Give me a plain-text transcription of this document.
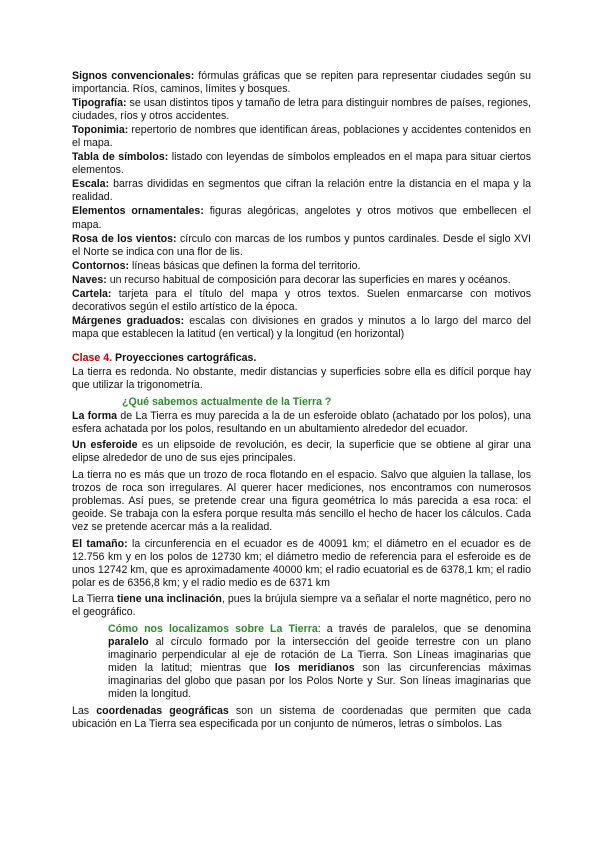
Signos convencionales: fórmulas gráficas que se repiten para representar ciudades según su importancia. Ríos, caminos, límites y bosques.

Tipografía: se usan distintos tipos y tamaño de letra para distinguir nombres de países, regiones, ciudades, ríos y otros accidentes.

Toponimia: repertorio de nombres que identifican áreas, poblaciones y accidentes contenidos en el mapa.

Tabla de símbolos: listado con leyendas de símbolos empleados en el mapa para situar ciertos elementos.

Escala: barras divididas en segmentos que cifran la relación entre la distancia en el mapa y la realidad.

Elementos ornamentales: figuras alegóricas, angelotes y otros motivos que embellecen el mapa.

Rosa de los vientos: círculo con marcas de los rumbos y puntos cardinales. Desde el siglo XVI el Norte se indica con una flor de lis.

Contornos: líneas básicas que definen la forma del territorio.

Naves: un recurso habitual de composición para decorar las superficies en mares y océanos.

Cartela: tarjeta para el título del mapa y otros textos. Suelen enmarcarse con motivos decorativos según el estilo artístico de la época.

Márgenes graduados: escalas con divisiones en grados y minutos a lo largo del marco del mapa que establecen la latitud (en vertical) y la longitud (en horizontal)

Clase 4. Proyecciones cartográficas.

La tierra es redonda. No obstante, medir distancias y superficies sobre ella es difícil porque hay que utilizar la trigonometría.

¿Qué sabemos actualmente de la Tierra ?

La forma de La Tierra es muy parecida a la de un esferoide oblato (achatado por los polos), una esfera achatada por los polos, resultando en un abultamiento alrededor del ecuador.

Un esferoide es un elipsoide de revolución, es decir, la superficie que se obtiene al girar una elipse alrededor de uno de sus ejes principales.

La tierra no es más que un trozo de roca flotando en el espacio. Salvo que alguien la tallase, los trozos de roca son irregulares. Al querer hacer mediciones, nos encontramos con numerosos problemas. Así pues, se pretende crear una figura geométrica lo más parecida a esa roca: el geoide. Se trabaja con la esfera porque resulta más sencillo el hecho de hacer los cálculos. Cada vez se pretende acercar más a la realidad.

El tamaño: la circunferencia en el ecuador es de 40091 km; el diámetro en el ecuador es de 12.756 km y en los polos de 12730 km; el diámetro medio de referencia para el esferoide es de unos 12742 km, que es aproximadamente 40000 km; el radio ecuatorial es de 6378,1 km; el radio polar es de 6356,8 km; y el radio medio es de 6371 km

La Tierra tiene una inclinación, pues la brújula siempre va a señalar el norte magnético, pero no el geográfico.

Cómo nos localizamos sobre La Tierra: a través de paralelos, que se denomina paralelo al círculo formado por la intersección del geoide terrestre con un plano imaginario perpendicular al eje de rotación de La Tierra. Son Líneas imaginarias que miden la latitud; mientras que los meridianos son las circunferencias máximas imaginarias del globo que pasan por los Polos Norte y Sur. Son líneas imaginarias que miden la longitud.

Las coordenadas geográficas son un sistema de coordenadas que permiten que cada ubicación en La Tierra sea especificada por un conjunto de números, letras o símbolos. Las
